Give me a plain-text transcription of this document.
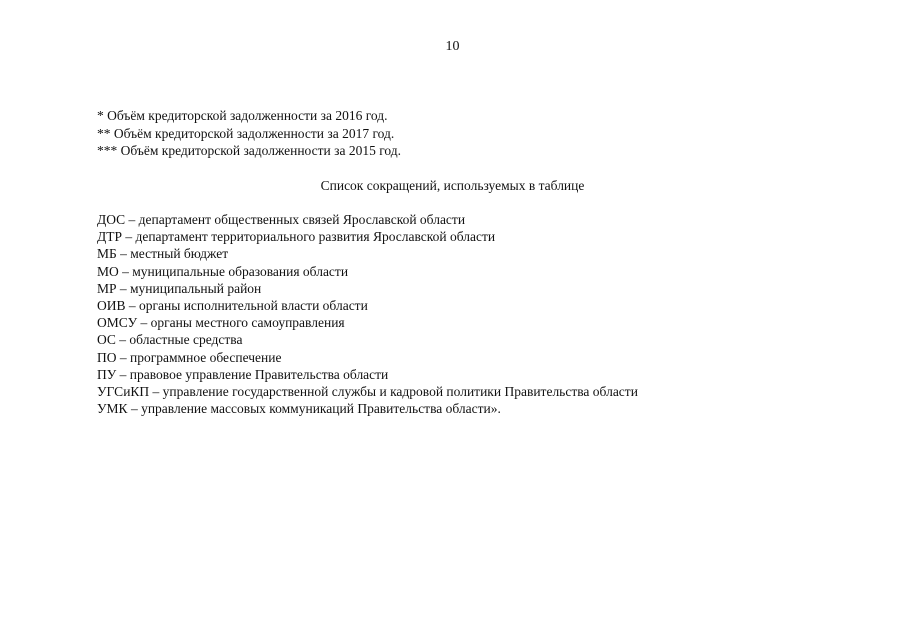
10
* Объём кредиторской задолженности за 2016 год.
** Объём кредиторской задолженности за 2017 год.
*** Объём кредиторской задолженности за 2015 год.
Список сокращений, используемых в таблице
ДОС – департамент общественных связей Ярославской области
ДТР – департамент территориального развития Ярославской области
МБ – местный бюджет
МО – муниципальные образования области
МР – муниципальный район
ОИВ – органы исполнительной власти области
ОМСУ – органы местного самоуправления
ОС – областные средства
ПО – программное обеспечение
ПУ – правовое управление Правительства области
УГСиКП – управление государственной службы и кадровой политики Правительства области
УМК – управление массовых коммуникаций Правительства области».
